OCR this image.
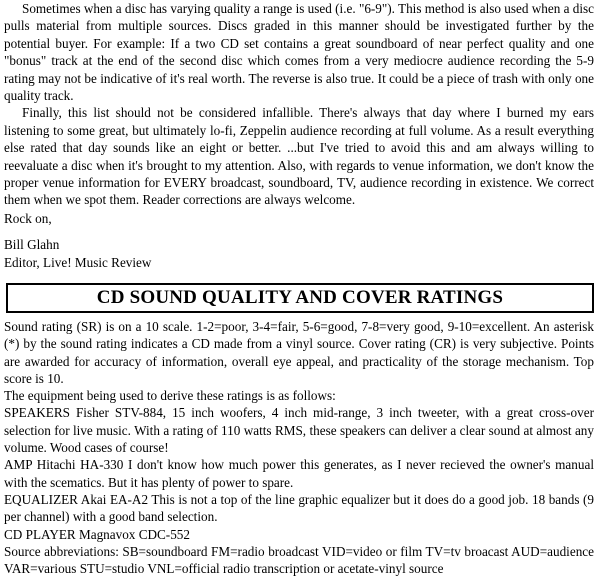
Sometimes when a disc has varying quality a range is used (i.e. "6-9"). This method is also used when a disc pulls material from multiple sources. Discs graded in this manner should be investigated further by the potential buyer. For example: If a two CD set contains a great soundboard of near perfect quality and one "bonus" track at the end of the second disc which comes from a very mediocre audience recording the 5-9 rating may not be indicative of it's real worth. The reverse is also true. It could be a piece of trash with only one quality track.

Finally, this list should not be considered infallible. There's always that day where I burned my ears listening to some great, but ultimately lo-fi, Zeppelin audience recording at full volume. As a result everything else rated that day sounds like an eight or better. ...but I've tried to avoid this and am always willing to reevaluate a disc when it's brought to my attention. Also, with regards to venue information, we don't know the proper venue information for EVERY broadcast, soundboard, TV, audience recording in existence. We correct them when we spot them. Reader corrections are always welcome.

Rock on,
Bill Glahn
Editor, Live! Music Review
CD SOUND QUALITY AND COVER RATINGS
Sound rating (SR) is on a 10 scale. 1-2=poor, 3-4=fair, 5-6=good, 7-8=very good, 9-10=excellent. An asterisk (*) by the sound rating indicates a CD made from a vinyl source. Cover rating (CR) is very subjective. Points are awarded for accuracy of information, overall eye appeal, and practicality of the storage mechanism. Top score is 10.
The equipment being used to derive these ratings is as follows:
SPEAKERS Fisher STV-884, 15 inch woofers, 4 inch mid-range, 3 inch tweeter, with a great cross-over selection for live music. With a rating of 110 watts RMS, these speakers can deliver a clear sound at almost any volume. Wood cases of course!
AMP Hitachi HA-330 I don't know how much power this generates, as I never recieved the owner's manual with the scematics. But it has plenty of power to spare.
EQUALIZER Akai EA-A2 This is not a top of the line graphic equalizer but it does do a good job. 18 bands (9 per channel) with a good band selection.
CD PLAYER Magnavox CDC-552
Source abbreviations: SB=soundboard FM=radio broadcast VID=video or film TV=tv broacast AUD=audience VAR=various STU=studio VNL=official radio transcription or acetate-vinyl source
